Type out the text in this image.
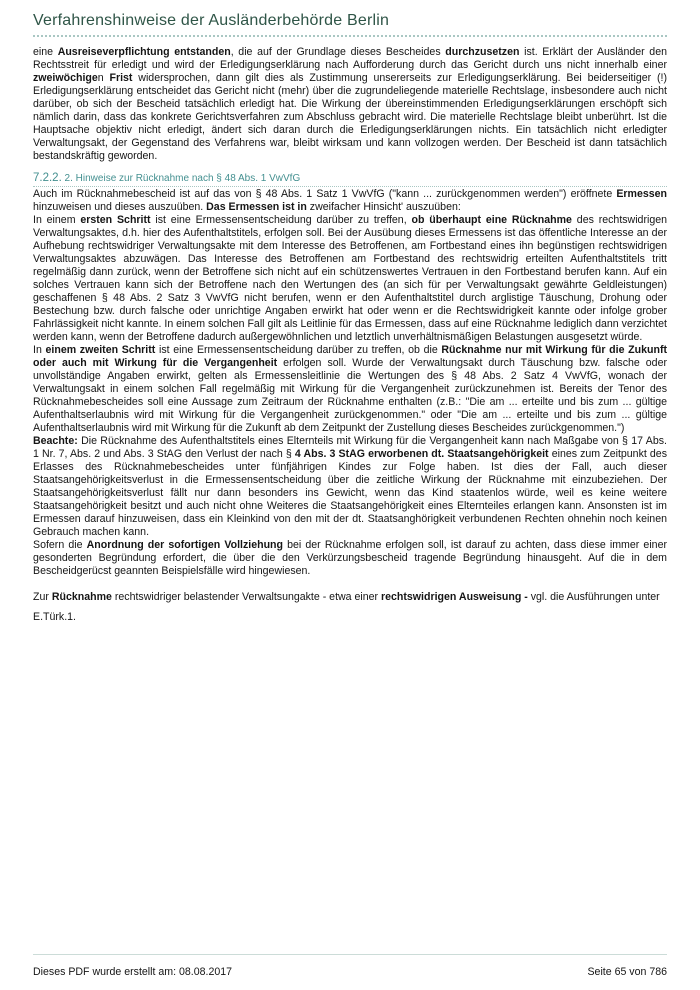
Verfahrenshinweise der Ausländerbehörde Berlin

eine Ausreiseverpflichtung entstanden, die auf der Grundlage dieses Bescheides durchzusetzen ist. Erklärt der Ausländer den Rechtsstreit für erledigt und wird der Erledigungserklärung nach Aufforderung durch das Gericht durch uns nicht innerhalb einer zweiwöchigen Frist widersprochen, dann gilt dies als Zustimmung unsererseits zur Erledigungserklärung. Bei beiderseitiger (!) Erledigungserklärung entscheidet das Gericht nicht (mehr) über die zugrundeliegende materielle Rechtslage, insbesondere auch nicht darüber, ob sich der Bescheid tatsächlich erledigt hat. Die Wirkung der übereinstimmenden Erledigungserklärungen erschöpft sich nämlich darin, dass das konkrete Gerichtsverfahren zum Abschluss gebracht wird. Die materielle Rechtslage bleibt unberührt. Ist die Hauptsache objektiv nicht erledigt, ändert sich daran durch die Erledigungserklärungen nichts. Ein tatsächlich nicht erledigter Verwaltungsakt, der Gegenstand des Verfahrens war, bleibt wirksam und kann vollzogen werden. Der Bescheid ist dann tatsächlich bestandskräftig geworden.

7.2.2. 2. Hinweise zur Rücknahme nach § 48 Abs. 1 VwVfG

Auch im Rücknahmebescheid ist auf das von § 48 Abs. 1 Satz 1 VwVfG ("kann ... zurückgenommen werden") eröffnete Ermessen hinzuweisen und dieses auszuüben. Das Ermessen ist in zweifacher Hinsicht' auszuüben:

In einem ersten Schritt ist eine Ermessensentscheidung darüber zu treffen, ob überhaupt eine Rücknahme des rechtswidrigen Verwaltungsaktes, d.h. hier des Aufenthaltstitels, erfolgen soll. Bei der Ausübung dieses Ermessens ist das öffentliche Interesse an der Aufhebung rechtswidriger Verwaltungsakte mit dem Interesse des Betroffenen, am Fortbestand eines ihn begünstigen rechtswidrigen Verwaltungsaktes abzuwägen. Das Interesse des Betroffenen am Fortbestand des rechtswidrig erteilten Aufenthaltstitels tritt regelmäßig dann zurück, wenn der Betroffene sich nicht auf ein schützenswertes Vertrauen in den Fortbestand berufen kann. Auf ein solches Vertrauen kann sich der Betroffene nach den Wertungen des (an sich für per Verwaltungsakt gewährte Geldleistungen) geschaffenen § 48 Abs. 2 Satz 3 VwVfG nicht berufen, wenn er den Aufenthaltstitel durch arglistige Täuschung, Drohung oder Bestechung bzw. durch falsche oder unrichtige Angaben erwirkt hat oder wenn er die Rechtswidrigkeit kannte oder infolge grober Fahrlässigkeit nicht kannte. In einem solchen Fall gilt als Leitlinie für das Ermessen, dass auf eine Rücknahme lediglich dann verzichtet werden kann, wenn der Betroffene dadurch außergewöhnlichen und letztlich unverhältnismäßigen Belastungen ausgesetzt würde.

In einem zweiten Schritt ist eine Ermessensentscheidung darüber zu treffen, ob die Rücknahme nur mit Wirkung für die Zukunft oder auch mit Wirkung für die Vergangenheit erfolgen soll. Wurde der Verwaltungsakt durch Täuschung bzw. falsche oder unvollständige Angaben erwirkt, gelten als Ermessensleitlinie die Wertungen des § 48 Abs. 2 Satz 4 VwVfG, wonach der Verwaltungsakt in einem solchen Fall regelmäßig mit Wirkung für die Vergangenheit zurückzunehmen ist. Bereits der Tenor des Rücknahmebescheides soll eine Aussage zum Zeitraum der Rücknahme enthalten (z.B.: "Die am ... erteilte und bis zum ... gültige Aufenthaltserlaubnis wird mit Wirkung für die Vergangenheit zurückgenommen." oder "Die am ... erteilte und bis zum ... gültige Aufenthaltserlaubnis wird mit Wirkung für die Zukunft ab dem Zeitpunkt der Zustellung dieses Bescheides zurückgenommen.")

Beachte: Die Rücknahme des Aufenthaltstitels eines Elternteils mit Wirkung für die Vergangenheit kann nach Maßgabe von § 17 Abs. 1 Nr. 7, Abs. 2 und Abs. 3 StAG den Verlust der nach § 4 Abs. 3 StAG erworbenen dt. Staatsangehörigkeit eines zum Zeitpunkt des Erlasses des Rücknahmebescheides unter fünfjährigen Kindes zur Folge haben. Ist dies der Fall, auch dieser Staatsangehörigkeitsverlust in die Ermessensentscheidung über die zeitliche Wirkung der Rücknahme mit einzubeziehen. Der Staatsangehörigkeitsverlust fällt nur dann besonders ins Gewicht, wenn das Kind staatenlos würde, weil es keine weitere Staatsangehörigkeit besitzt und auch nicht ohne Weiteres die Staatsangehörigkeit eines Elternteiles erlangen kann. Ansonsten ist im Ermessen darauf hinzuweisen, dass ein Kleinkind von den mit der dt. Staatsanghörigkeit verbundenen Rechten ohnehin noch keinen Gebrauch machen kann.

Sofern die Anordnung der sofortigen Vollziehung bei der Rücknahme erfolgen soll, ist darauf zu achten, dass diese immer einer gesonderten Begründung erfordert, die über die den Verkürzungsbescheid tragende Begründung hinausgeht. Auf die in dem Bescheidgerücst geannten Beispielsfälle wird hingewiesen.

Zur Rücknahme rechtswidriger belastender Verwaltsungakte - etwa einer rechtswidrigen Ausweisung - vgl. die Ausführungen unter E.Türk.1.

Dieses PDF wurde erstellt am: 08.08.2017	Seite 65 von 786
